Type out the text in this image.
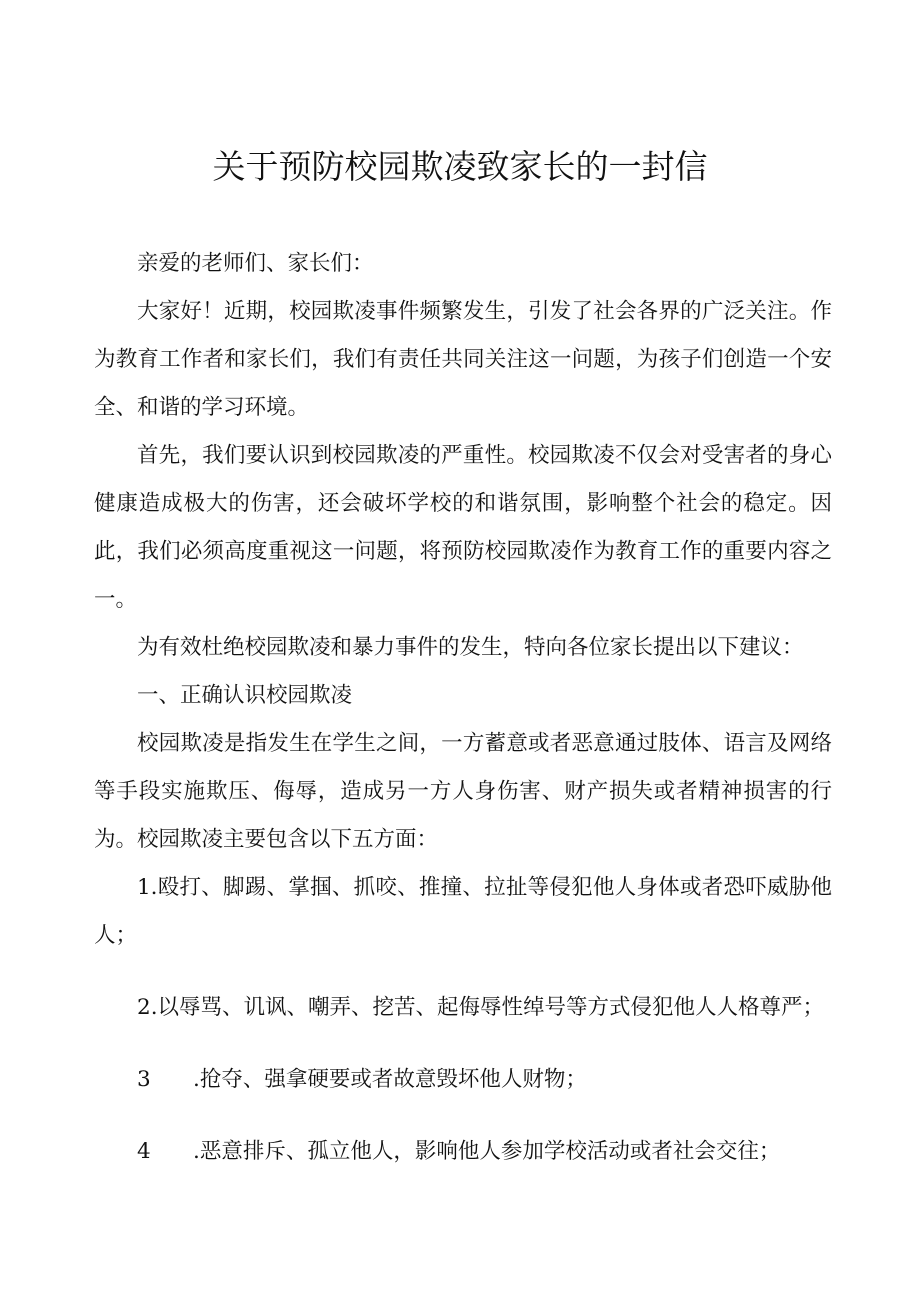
关于预防校园欺凌致家长的一封信

亲爱的老师们、家长们：

大家好！近期，校园欺凌事件频繁发生，引发了社会各界的广泛关注。作为教育工作者和家长们，我们有责任共同关注这一问题，为孩子们创造一个安全、和谐的学习环境。

首先，我们要认识到校园欺凌的严重性。校园欺凌不仅会对受害者的身心健康造成极大的伤害，还会破坏学校的和谐氛围，影响整个社会的稳定。因此，我们必须高度重视这一问题，将预防校园欺凌作为教育工作的重要内容之一。

为有效杜绝校园欺凌和暴力事件的发生，特向各位家长提出以下建议：

一、正确认识校园欺凌

校园欺凌是指发生在学生之间，一方蓄意或者恶意通过肢体、语言及网络等手段实施欺压、侮辱，造成另一方人身伤害、财产损失或者精神损害的行为。校园欺凌主要包含以下五方面：

1.殴打、脚踢、掌掴、抓咬、推撞、拉扯等侵犯他人身体或者恐吓威胁他人；

2.以辱骂、讥讽、嘲弄、挖苦、起侮辱性绰号等方式侵犯他人人格尊严；

3 .抢夺、强拿硬要或者故意毁坏他人财物；

4 .恶意排斥、孤立他人，影响他人参加学校活动或者社会交往；
